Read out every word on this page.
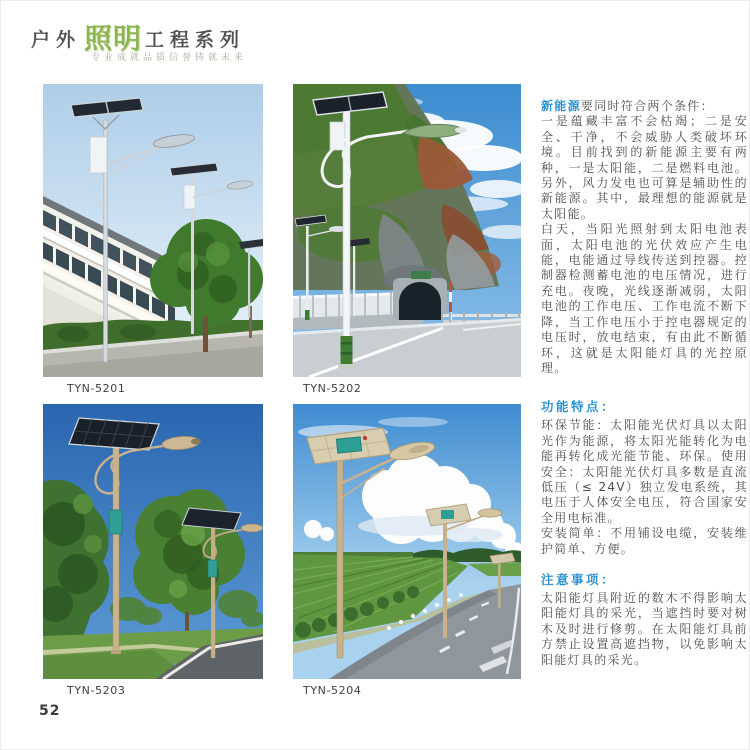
户外 照明 工程系列
专业成就品质信誉铸就未来
TYN-5201	TYN-5202
TYN-5203	TYN-5204

新能源要同时符合两个条件：

一是蕴藏丰富不会枯竭；二是安全、干净，不会威胁人类破坏环境。目前找到的新能源主要有两种，一是太阳能，二是燃料电池。另外，风力发电也可算是辅助性的新能源。其中，最理想的能源就是太阳能。

白天，当阳光照射到太阳电池表面，太阳电池的光伏效应产生电能，电能通过导线传送到控器。控制器检测蓄电池的电压情况，进行充电。夜晚，光线逐渐减弱，太阳电池的工作电压、工作电流不断下降，当工作电压小于控电器规定的电压时，放电结束，有由此不断循环，这就是太阳能灯具的光控原理。

功能特点：

环保节能：太阳能光伏灯具以太阳光作为能源，将太阳光能转化为电能再转化成光能节能、环保。使用安全：太阳能光伏灯具多数是直流低压（≤ 24V）独立发电系统，其电压于人体安全电压，符合国家安全用电标准。

安装简单：不用铺设电缆，安装维护简单、方便。

注意事项：

太阳能灯具附近的数木不得影响太阳能灯具的采光，当遮挡时要对树木及时进行修剪。在太阳能灯具前方禁止设置高遮挡物，以免影响太阳能灯具的采光。

52
